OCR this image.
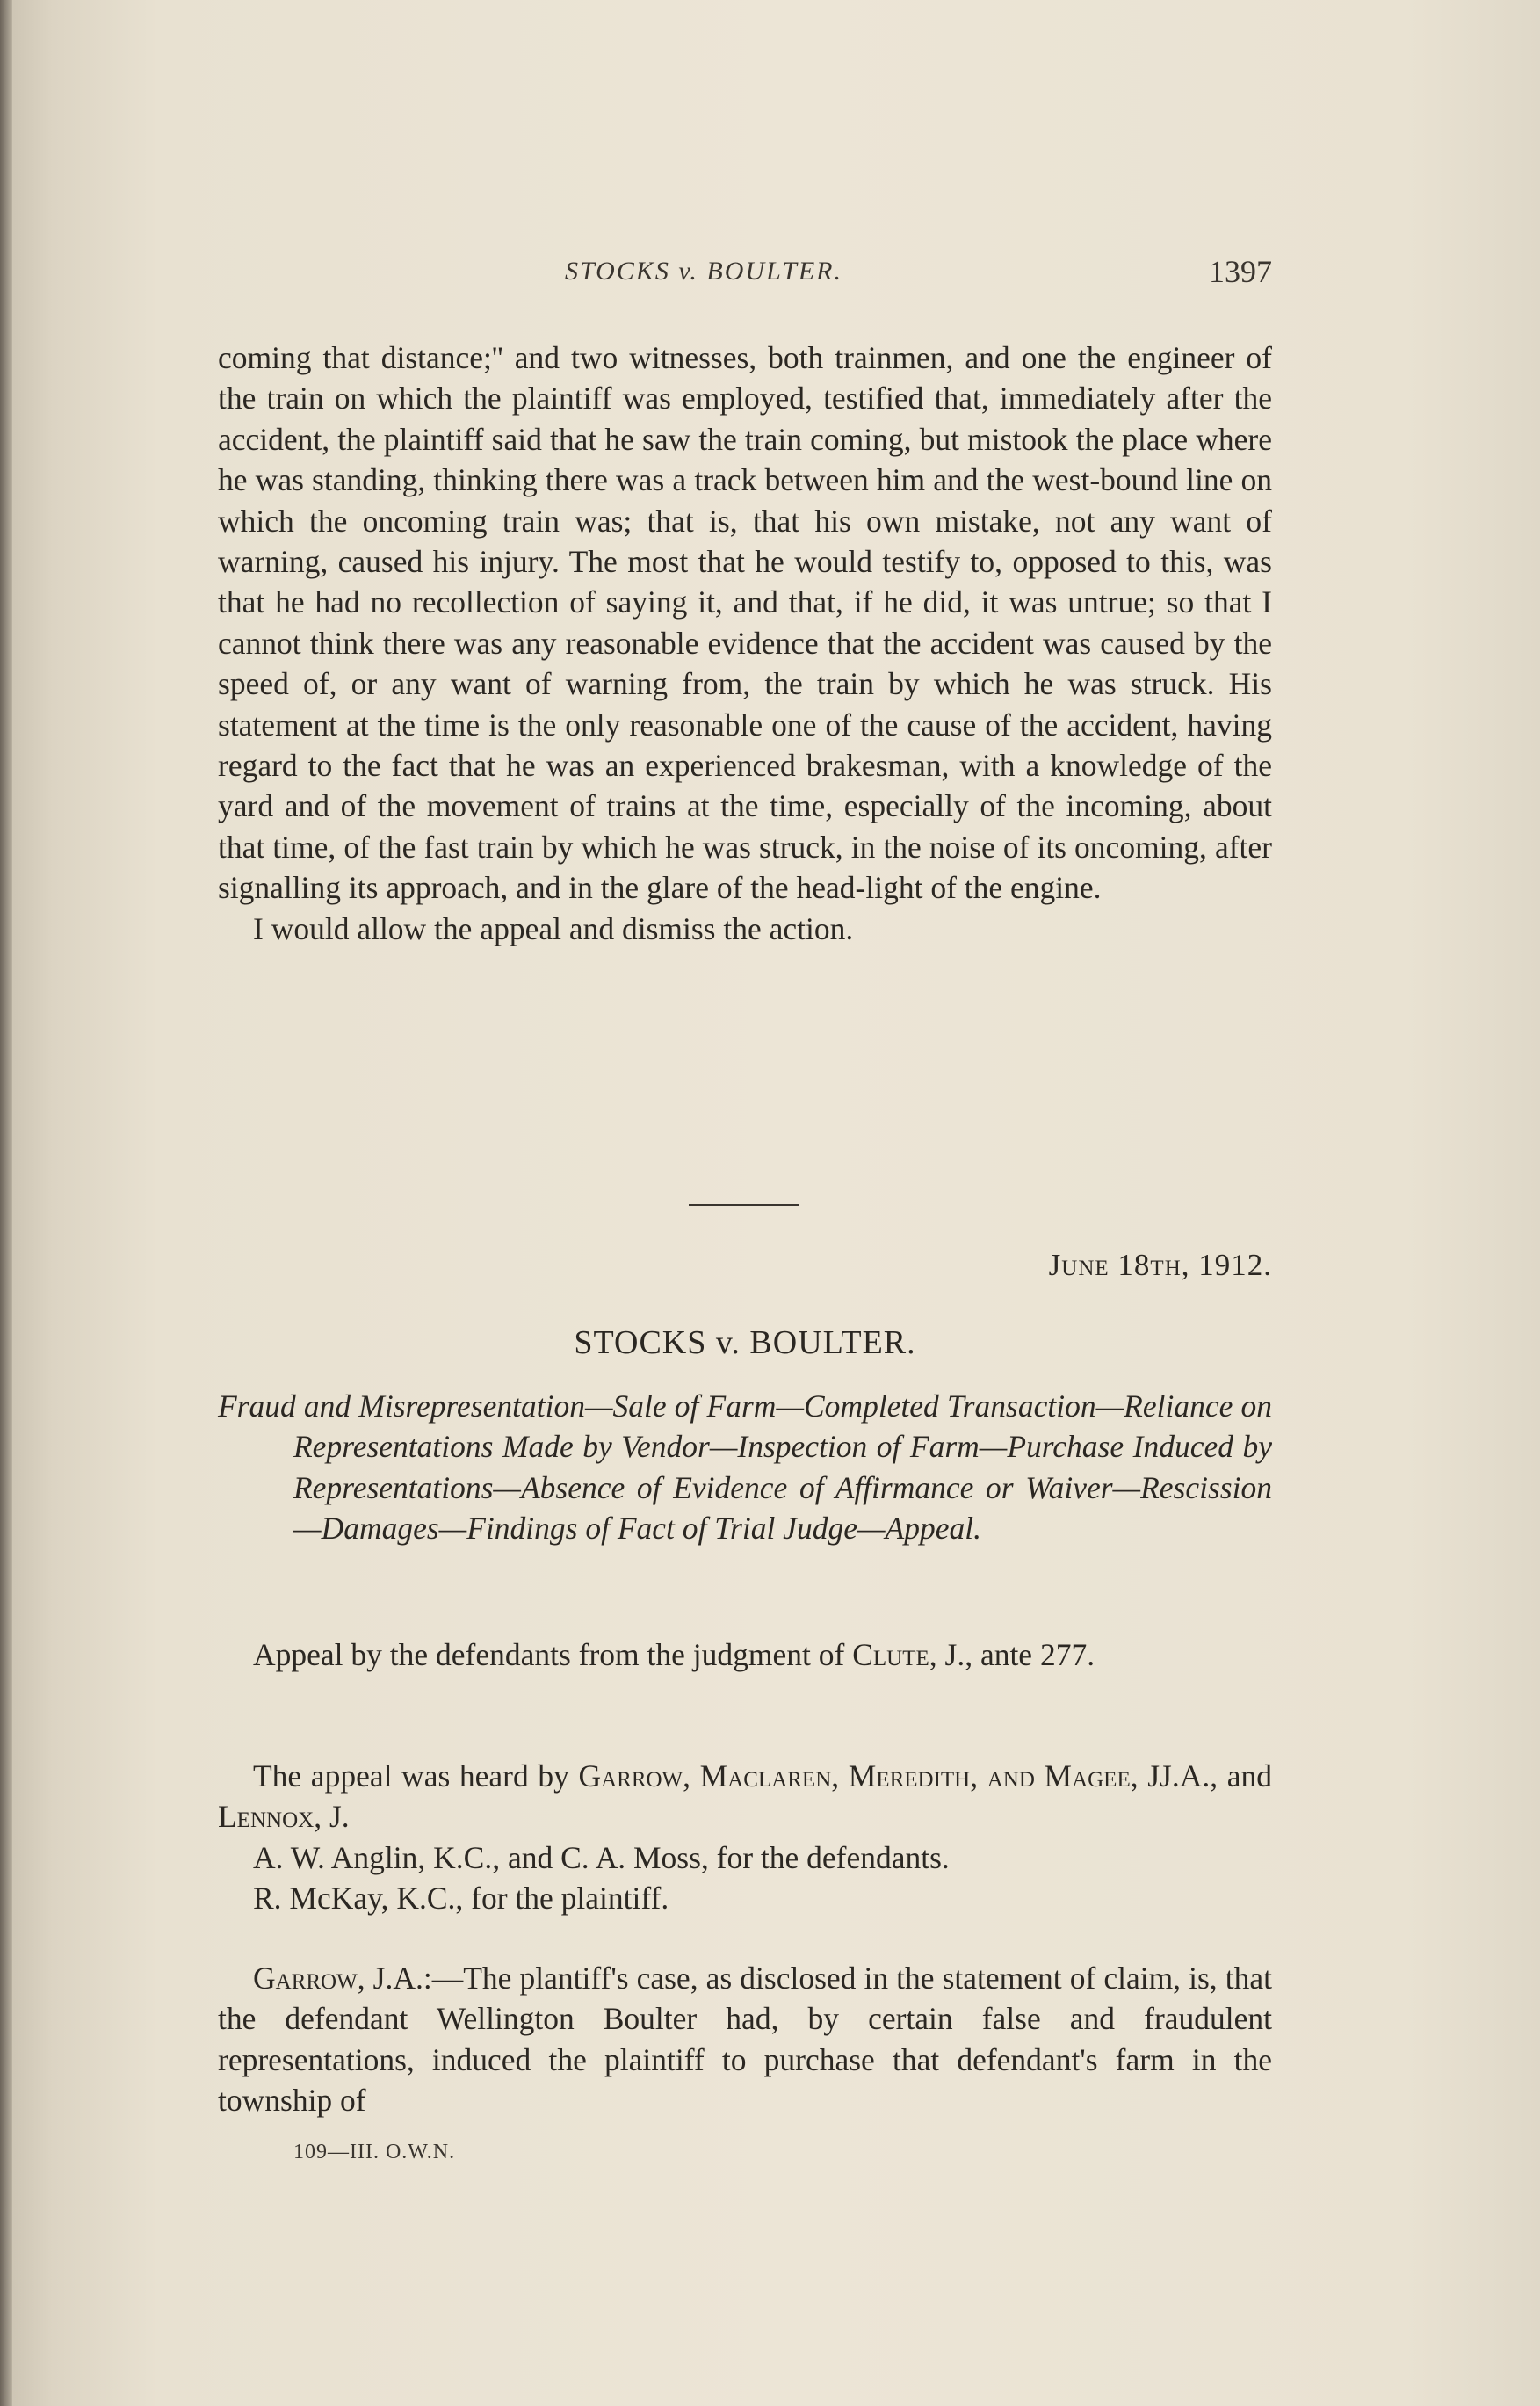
STOCKS v. BOULTER.	1397

coming that distance;'' and two witnesses, both trainmen, and one the engineer of the train on which the plaintiff was employed, testified that, immediately after the accident, the plaintiff said that he saw the train coming, but mistook the place where he was standing, thinking there was a track between him and the west-bound line on which the oncoming train was; that is, that his own mistake, not any want of warning, caused his injury. The most that he would testify to, opposed to this, was that he had no recollection of saying it, and that, if he did, it was untrue; so that I cannot think there was any reasonable evidence that the accident was caused by the speed of, or any want of warning from, the train by which he was struck. His statement at the time is the only reasonable one of the cause of the accident, having regard to the fact that he was an experienced brakesman, with a knowledge of the yard and of the movement of trains at the time, especially of the incoming, about that time, of the fast train by which he was struck, in the noise of its oncoming, after signalling its approach, and in the glare of the head-light of the engine.

I would allow the appeal and dismiss the action.

June 18th, 1912.
STOCKS v. BOULTER.
Fraud and Misrepresentation—Sale of Farm—Completed Transaction—Reliance on Representations Made by Vendor—Inspection of Farm—Purchase Induced by Representations—Absence of Evidence of Affirmance or Waiver—Rescission—Damages—Findings of Fact of Trial Judge—Appeal.
Appeal by the defendants from the judgment of Clute, J., ante 277.

The appeal was heard by Garrow, Maclaren, Meredith, and Magee, JJ.A., and Lennox, J.

A. W. Anglin, K.C., and C. A. Moss, for the defendants.

R. McKay, K.C., for the plaintiff.

Garrow, J.A.:—The plantiff's case, as disclosed in the statement of claim, is, that the defendant Wellington Boulter had, by certain false and fraudulent representations, induced the plaintiff to purchase that defendant's farm in the township of

109—III. O.W.N.
